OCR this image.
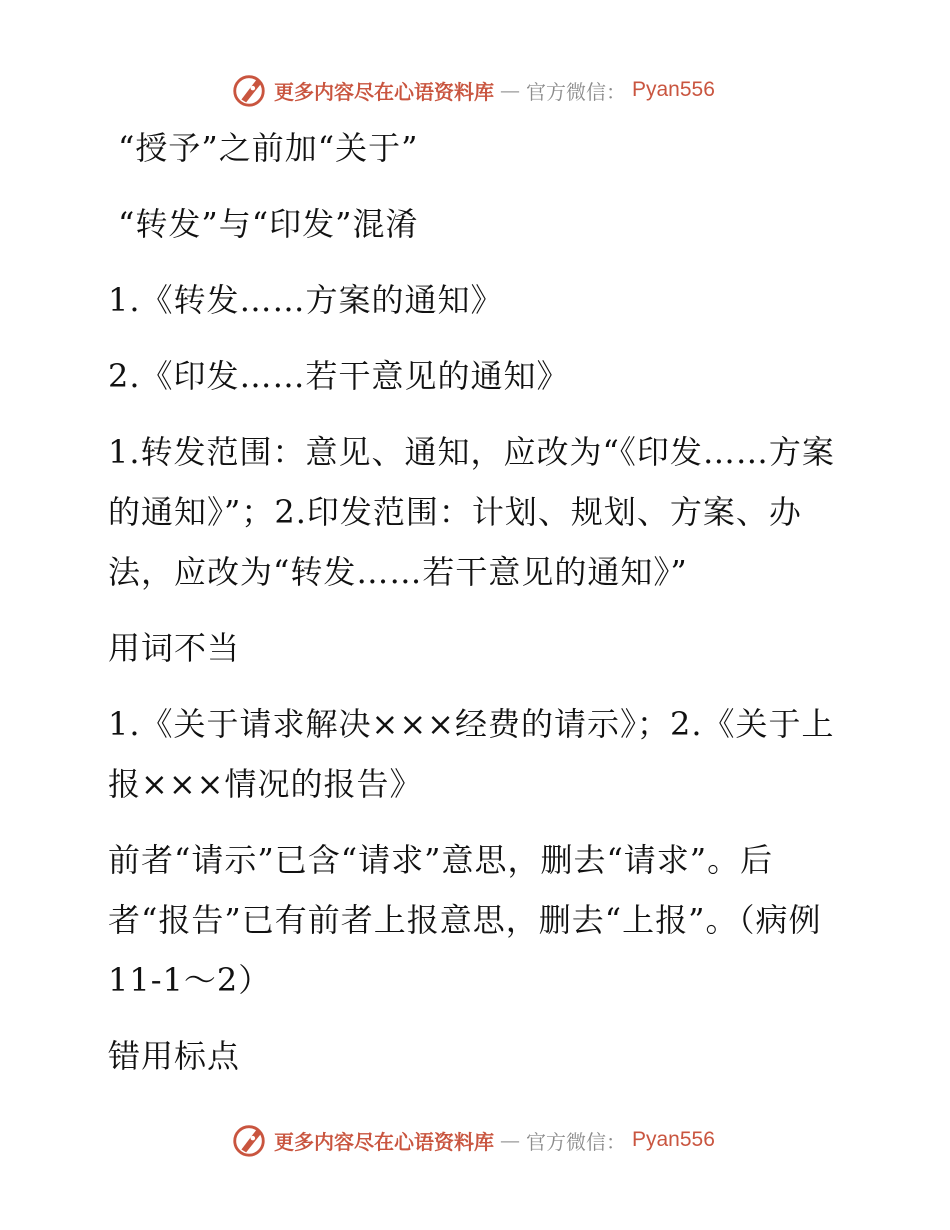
更多内容尽在心语资料库 — 官方微信： Pyan556

“授予”之前加“关于”

“转发”与“印发”混淆

1.《转发……方案的通知》

2.《印发……若干意见的通知》

1.转发范围：意见、通知，应改为“《印发……方案的通知》”；2.印发范围：计划、规划、方案、办法，应改为“转发……若干意见的通知》”

用词不当

1.《关于请求解决×××经费的请示》；2.《关于上报×××情况的报告》

前者“请示”已含“请求”意思，删去“请求”。后者“报告”已有前者上报意思，删去“上报”。（病例 11-1～2）

错用标点

更多内容尽在心语资料库 — 官方微信： Pyan556
